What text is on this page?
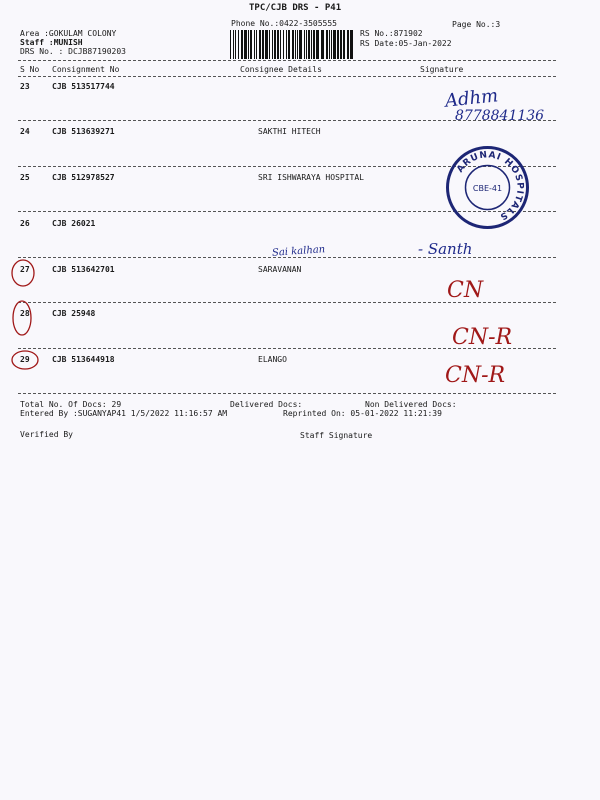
TPC/CJB DRS - P41
Phone No.:0422-3505555	Page No.:3
Area :GOKULAM COLONY
Staff :MUNISH
DRS No. : DCJB87190203
RS No.:871902
RS Date:05-Jan-2022
S No Consignment No	Consignee Details	Signature
23	CJB 513517744
24	CJB 513639271	SAKTHI HITECH
25	CJB 512978527	SRI ISHWARAYA HOSPITAL
26	CJB 26021
27	CJB 513642701	SARAVANAN
28	CJB 25948
29	CJB 513644918	ELANGO
Adhm
8778841136
Sai kalhan	- Santh
CN
CN-R
CN-R
ARUNAI HOSPITALS
CBE-41
Total No. Of Docs: 29	Delivered Docs:	Non Delivered Docs:
Entered By :SUGANYAP41 1/5/2022 11:16:57 AM	Reprinted On: 05-01-2022 11:21:39
Verified By	Staff Signature
